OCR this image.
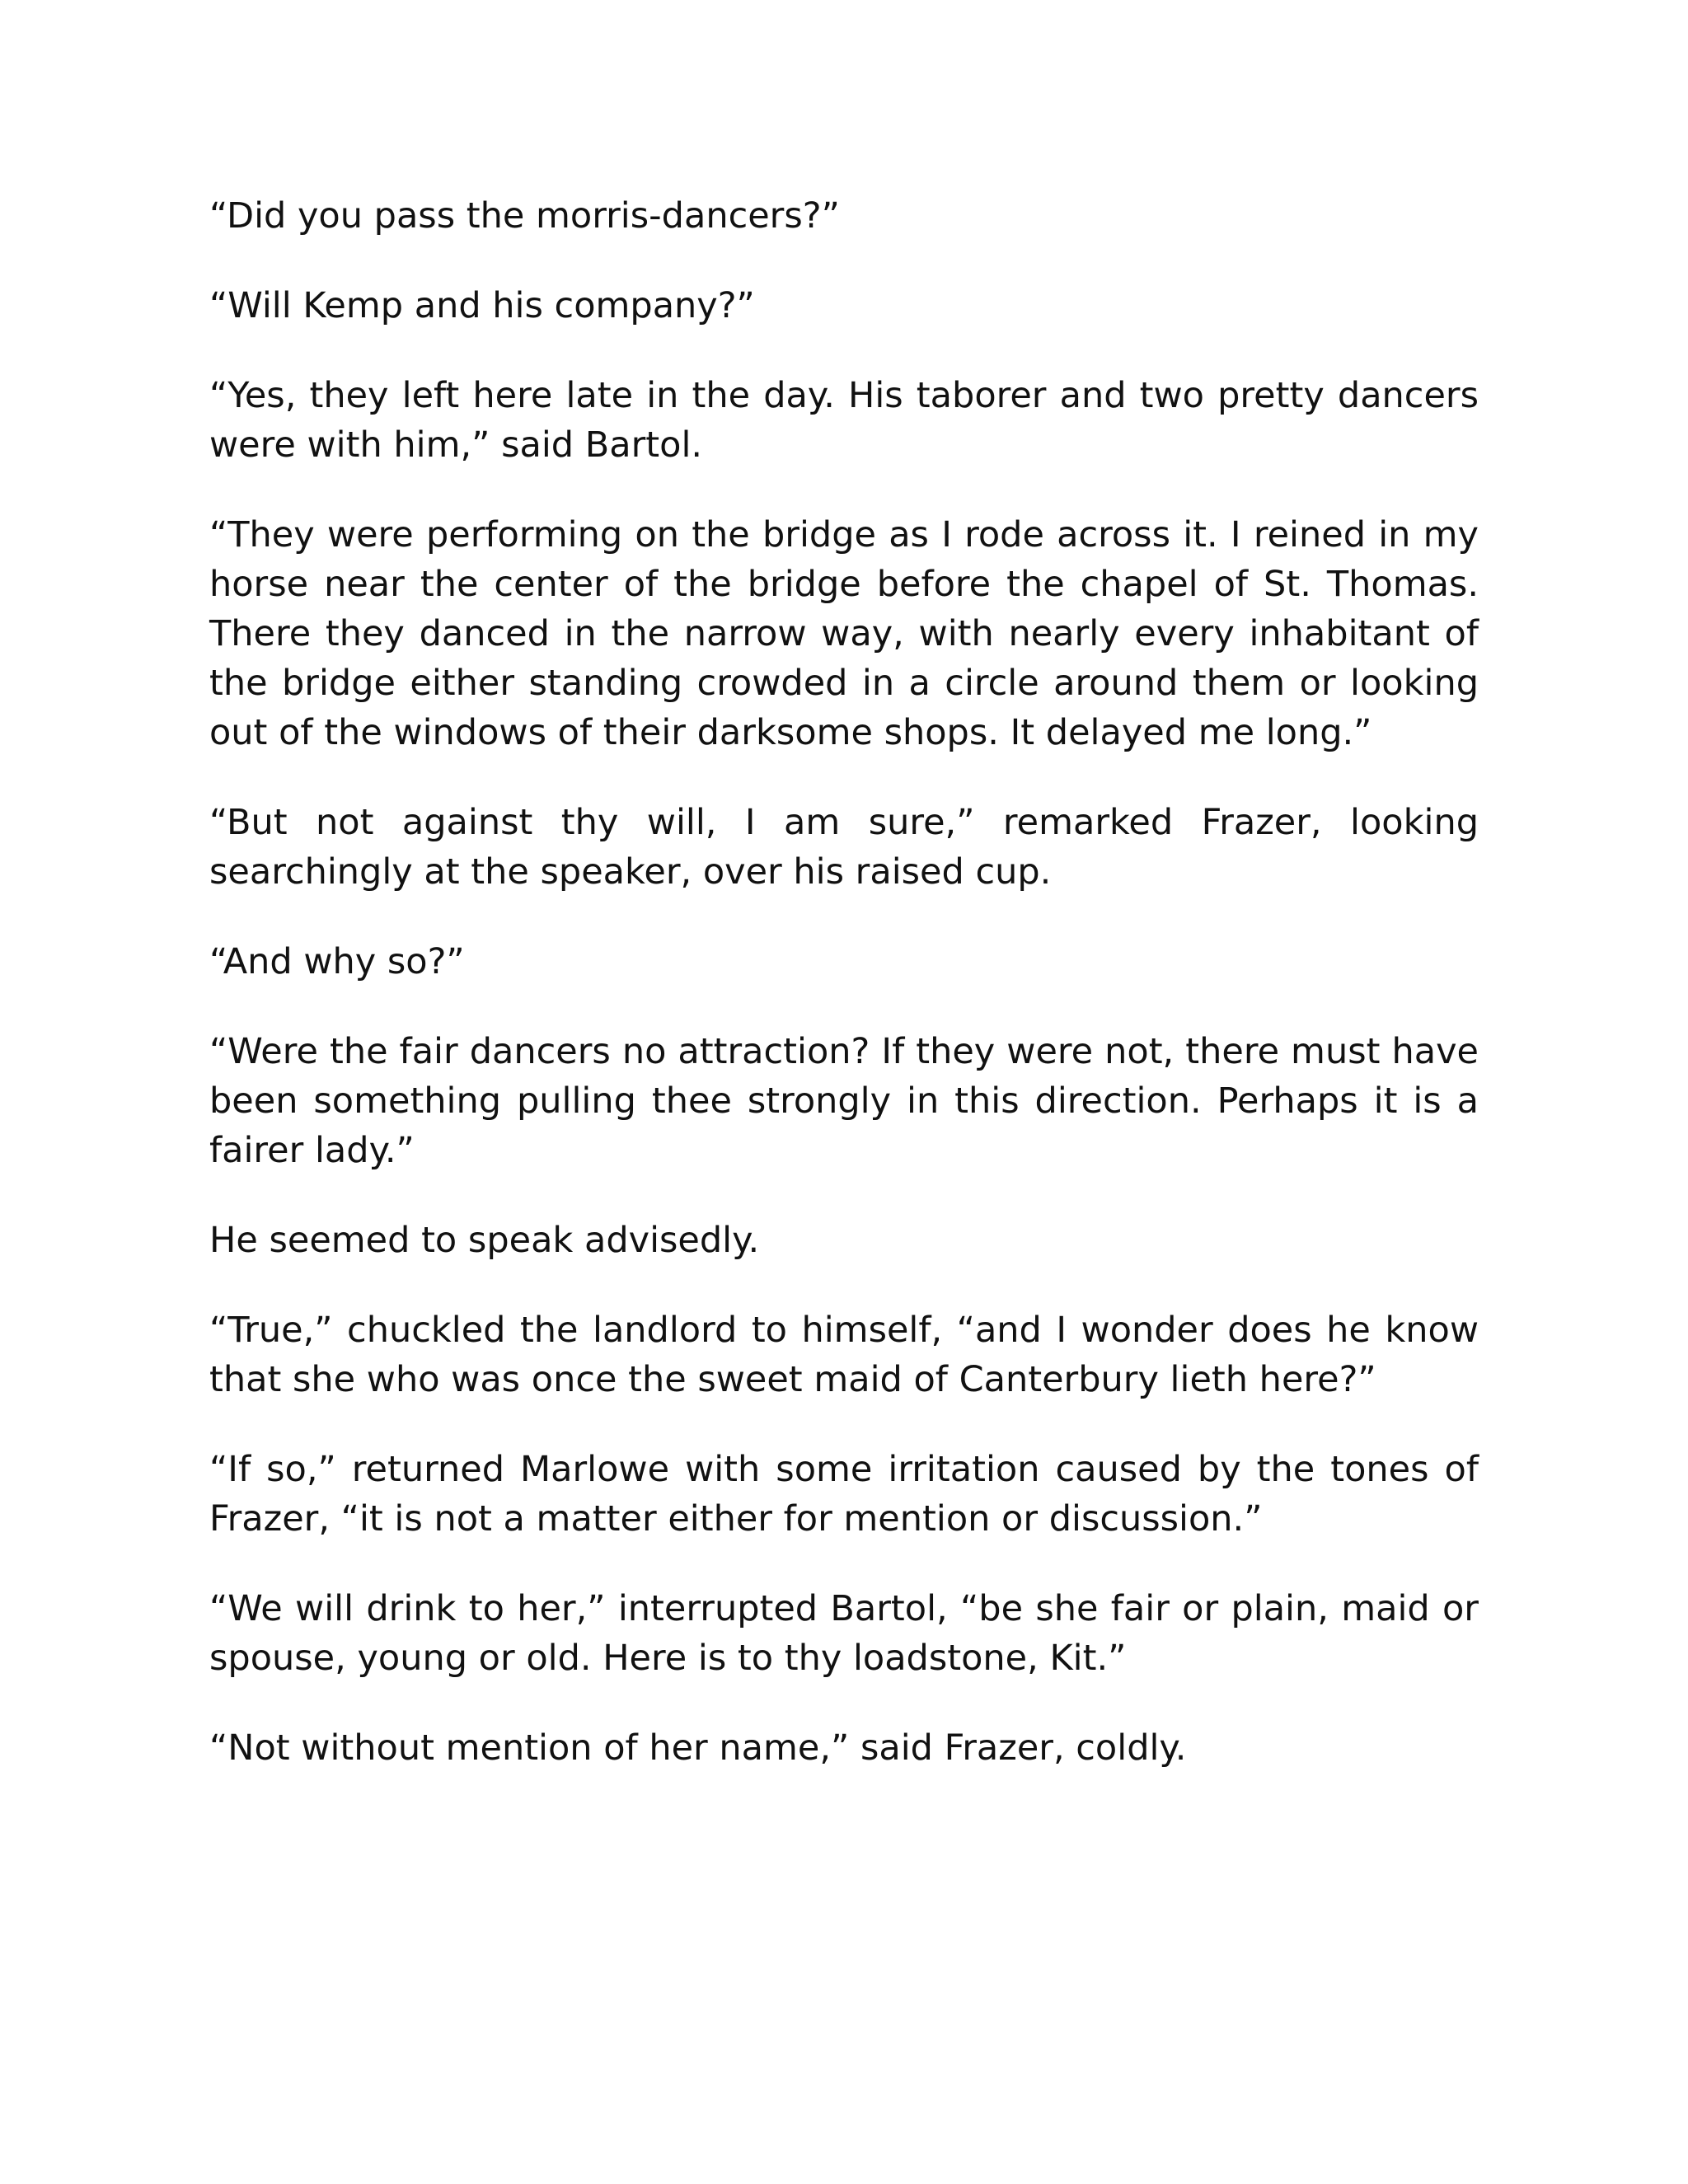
“Did you pass the morris-dancers?”

“Will Kemp and his company?”

“Yes, they left here late in the day. His taborer and two pretty dancers were with him,” said Bartol.

“They were performing on the bridge as I rode across it. I reined in my horse near the center of the bridge before the chapel of St. Thomas. There they danced in the narrow way, with nearly every inhabitant of the bridge either standing crowded in a circle around them or looking out of the windows of their darksome shops. It delayed me long.”

“But not against thy will, I am sure,” remarked Frazer, looking searchingly at the speaker, over his raised cup.

“And why so?”

“Were the fair dancers no attraction? If they were not, there must have been something pulling thee strongly in this direction. Perhaps it is a fairer lady.”

He seemed to speak advisedly.

“True,” chuckled the landlord to himself, “and I wonder does he know that she who was once the sweet maid of Canterbury lieth here?”

“If so,” returned Marlowe with some irritation caused by the tones of Frazer, “it is not a matter either for mention or discussion.”

“We will drink to her,” interrupted Bartol, “be she fair or plain, maid or spouse, young or old. Here is to thy loadstone, Kit.”

“Not without mention of her name,” said Frazer, coldly.
